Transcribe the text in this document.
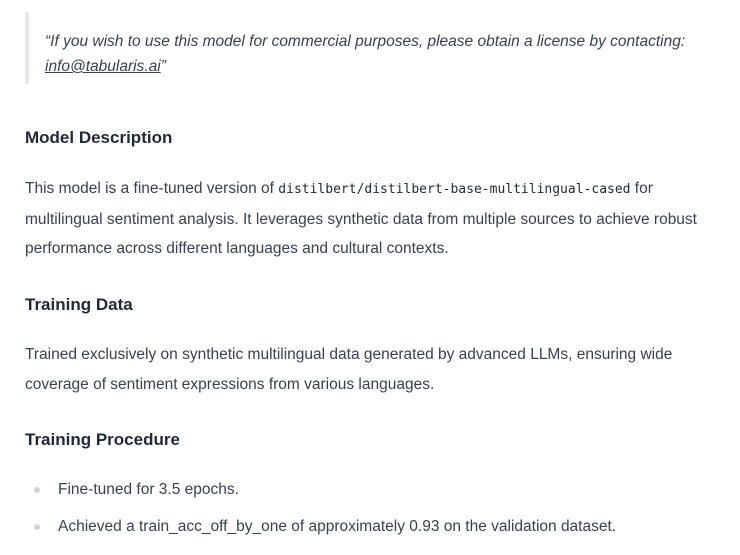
“If you wish to use this model for commercial purposes, please obtain a license by contacting:
info@tabularis.ai”
Model Description

This model is a fine-tuned version of distilbert/distilbert-base-multilingual-cased for multilingual sentiment analysis. It leverages synthetic data from multiple sources to achieve robust performance across different languages and cultural contexts.

Training Data

Trained exclusively on synthetic multilingual data generated by advanced LLMs, ensuring wide coverage of sentiment expressions from various languages.

Training Procedure
Fine-tuned for 3.5 epochs.
Achieved a train_acc_off_by_one of approximately 0.93 on the validation dataset.
